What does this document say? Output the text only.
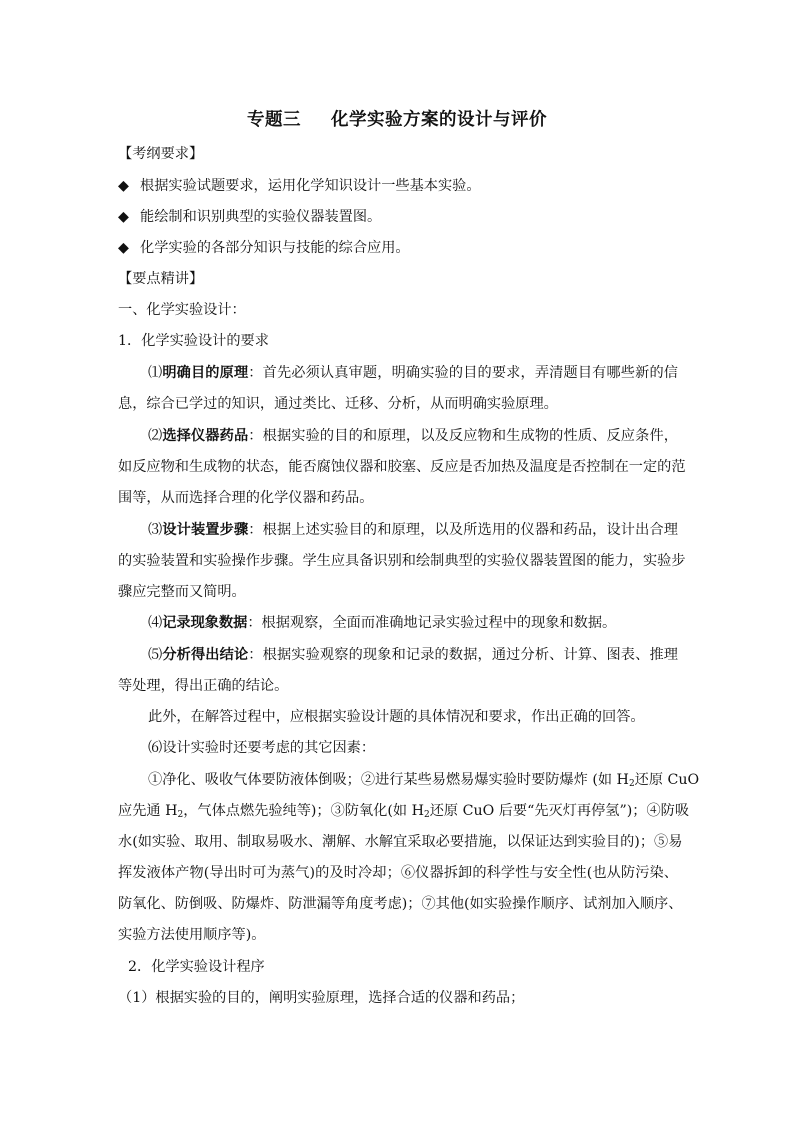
专题三 化学实验方案的设计与评价
【考纲要求】
◆ 根据实验试题要求，运用化学知识设计一些基本实验。
◆ 能绘制和识别典型的实验仪器装置图。
◆ 化学实验的各部分知识与技能的综合应用。
【要点精讲】
一、化学实验设计：
1．化学实验设计的要求
⑴明确目的原理：首先必须认真审题，明确实验的目的要求，弄清题目有哪些新的信
息，综合已学过的知识，通过类比、迁移、分析，从而明确实验原理。
⑵选择仪器药品：根据实验的目的和原理，以及反应物和生成物的性质、反应条件，
如反应物和生成物的状态，能否腐蚀仪器和胶塞、反应是否加热及温度是否控制在一定的范
围等，从而选择合理的化学仪器和药品。
⑶设计装置步骤：根据上述实验目的和原理，以及所选用的仪器和药品，设计出合理
的实验装置和实验操作步骤。学生应具备识别和绘制典型的实验仪器装置图的能力，实验步
骤应完整而又简明。
⑷记录现象数据：根据观察，全面而准确地记录实验过程中的现象和数据。
⑸分析得出结论：根据实验观察的现象和记录的数据，通过分析、计算、图表、推理
等处理，得出正确的结论。
此外，在解答过程中，应根据实验设计题的具体情况和要求，作出正确的回答。
⑹设计实验时还要考虑的其它因素：
①净化、吸收气体要防液体倒吸；②进行某些易燃易爆实验时要防爆炸 (如 $H_2$还原 CuO
应先通 $H_2$，气体点燃先验纯等)；③防氧化(如 $H_2$还原 CuO 后要“先灭灯再停氢”)；④防吸
水(如实验、取用、制取易吸水、潮解、水解宜采取必要措施，以保证达到实验目的)；⑤易
挥发液体产物(导出时可为蒸气)的及时冷却；⑥仪器拆卸的科学性与安全性(也从防污染、
防氧化、防倒吸、防爆炸、防泄漏等角度考虑)；⑦其他(如实验操作顺序、试剂加入顺序、
实验方法使用顺序等)。
2．化学实验设计程序
（1）根据实验的目的，阐明实验原理，选择合适的仪器和药品；
